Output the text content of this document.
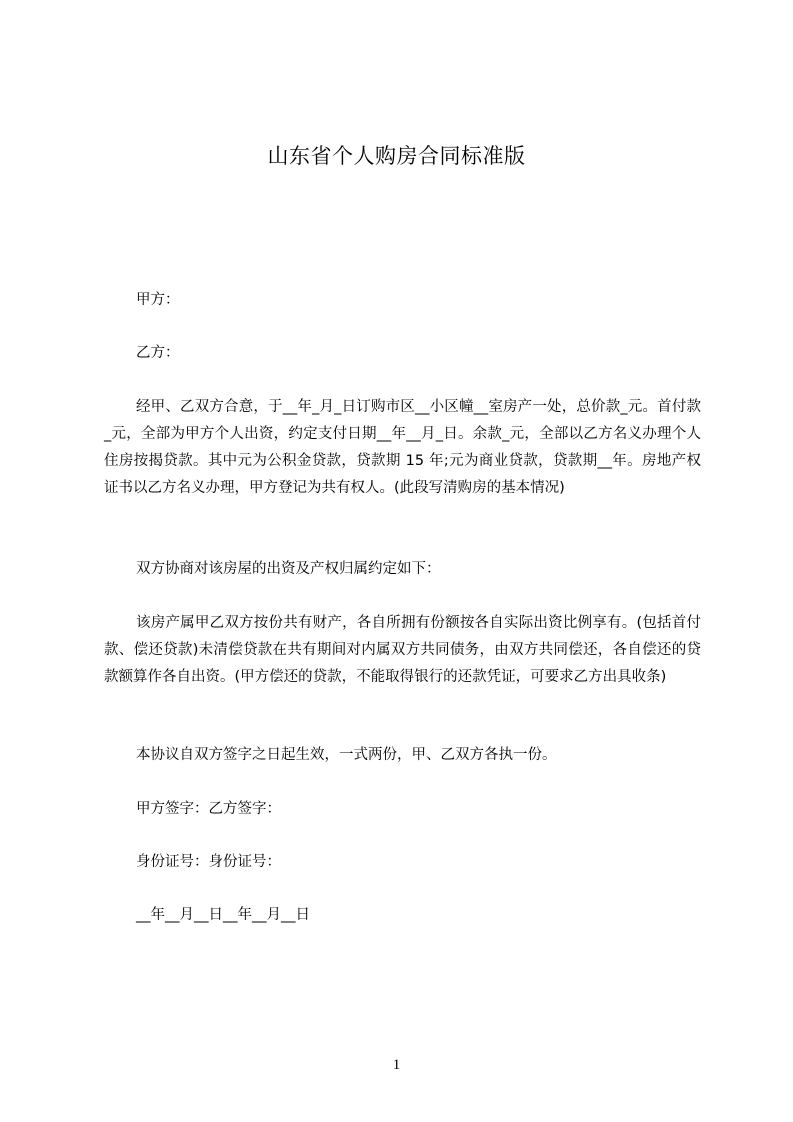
山东省个人购房合同标准版
甲方：
乙方：
经甲、乙双方合意，于__年_月_日订购市区__小区幢__室房产一处，总价款_元。首付款_元，全部为甲方个人出资，约定支付日期__年__月_日。余款_元，全部以乙方名义办理个人住房按揭贷款。其中元为公积金贷款，贷款期 15 年;元为商业贷款，贷款期__年。房地产权证书以乙方名义办理，甲方登记为共有权人。(此段写清购房的基本情况)
双方协商对该房屋的出资及产权归属约定如下：
该房产属甲乙双方按份共有财产，各自所拥有份额按各自实际出资比例享有。(包括首付款、偿还贷款)未清偿贷款在共有期间对内属双方共同债务，由双方共同偿还，各自偿还的贷款额算作各自出资。(甲方偿还的贷款，不能取得银行的还款凭证，可要求乙方出具收条)
本协议自双方签字之日起生效，一式两份，甲、乙双方各执一份。
甲方签字：乙方签字：
身份证号：身份证号：
__年__月__日__年__月__日
1
